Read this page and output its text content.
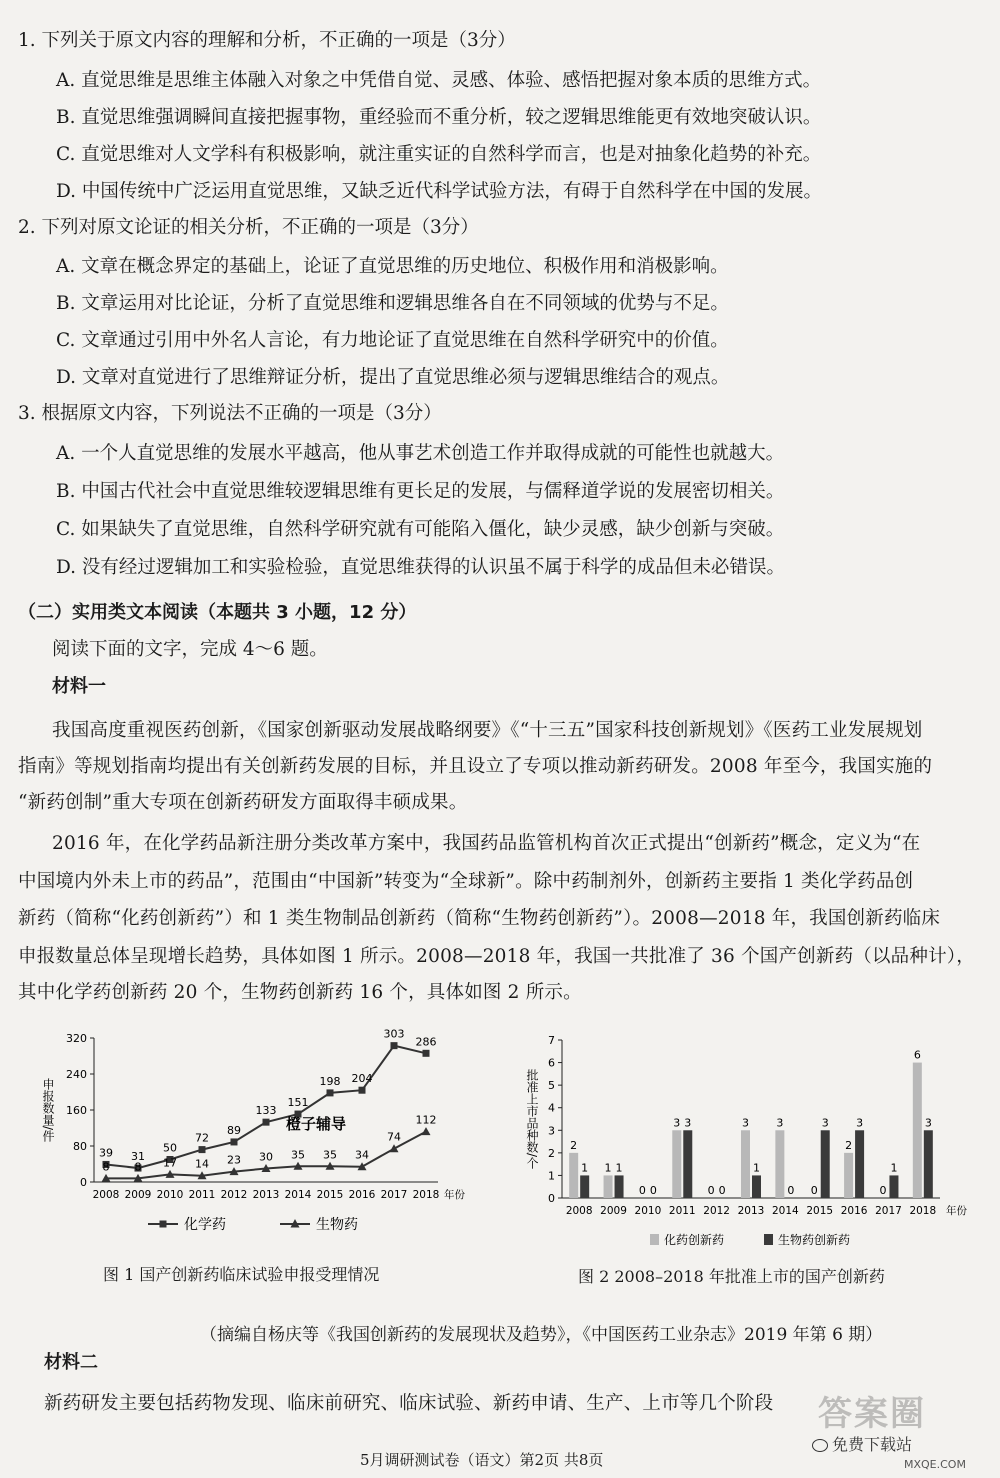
1. 下列关于原文内容的理解和分析，不正确的一项是（3分）
A. 直觉思维是思维主体融入对象之中凭借自觉、灵感、体验、感悟把握对象本质的思维方式。
B. 直觉思维强调瞬间直接把握事物，重经验而不重分析，较之逻辑思维能更有效地突破认识。
C. 直觉思维对人文学科有积极影响，就注重实证的自然科学而言，也是对抽象化趋势的补充。
D. 中国传统中广泛运用直觉思维，又缺乏近代科学试验方法，有碍于自然科学在中国的发展。
2. 下列对原文论证的相关分析，不正确的一项是（3分）
A. 文章在概念界定的基础上，论证了直觉思维的历史地位、积极作用和消极影响。
B. 文章运用对比论证，分析了直觉思维和逻辑思维各自在不同领域的优势与不足。
C. 文章通过引用中外名人言论，有力地论证了直觉思维在自然科学研究中的价值。
D. 文章对直觉进行了思维辩证分析，提出了直觉思维必须与逻辑思维结合的观点。
3. 根据原文内容，下列说法不正确的一项是（3分）
A. 一个人直觉思维的发展水平越高，他从事艺术创造工作并取得成就的可能性也就越大。
B. 中国古代社会中直觉思维较逻辑思维有更长足的发展，与儒释道学说的发展密切相关。
C. 如果缺失了直觉思维，自然科学研究就有可能陷入僵化，缺少灵感，缺少创新与突破。
D. 没有经过逻辑加工和实验检验，直觉思维获得的认识虽不属于科学的成品但未必错误。
（二）实用类文本阅读（本题共 3 小题，12 分）
阅读下面的文字，完成 4～6 题。
材料一
我国高度重视医药创新，《国家创新驱动发展战略纲要》《“十三五”国家科技创新规划》《医药工业发展规划
指南》等规划指南均提出有关创新药发展的目标，并且设立了专项以推动新药研发。2008 年至今，我国实施的
“新药创制”重大专项在创新药研发方面取得丰硕成果。
2016 年，在化学药品新注册分类改革方案中，我国药品监管机构首次正式提出“创新药”概念，定义为“在
中国境内外未上市的药品”，范围由“中国新”转变为“全球新”。除中药制剂外，创新药主要指 1 类化学药品创
新药（简称“化药创新药”）和 1 类生物制品创新药（简称“生物药创新药”）。2008—2018 年，我国创新药临床
申报数量总体呈现增长趋势，具体如图 1 所示。2008—2018 年，我国一共批准了 36 个国产创新药（以品种计），
其中化学药创新药 20 个，生物药创新药 16 个，具体如图 2 所示。
0
80
160
240
320
2008 2009 2010 2011 2012 2013 2014 2015 2016 2017 2018 年份
申报数量/件
39 31
50
72
89
133
151
198 204
303
286
8 8 17 14 23 30 35 35 34
74
112
橙子辅导
化学药	生物药
图 1 国产创新药临床试验申报受理情况
0
1
2
3
4
5
6
7
批准上市品种数/个
2008
2
1
2009
1 1
2010
0 0
2011
3 3
2012
0 0
2013
3
1
2014
3
0
2015
0
3
2016
2
3
2017
0
1
2018
6
3
年份
化药创新药	生物药创新药
图 2 2008–2018 年批准上市的国产创新药
（摘编自杨庆等《我国创新药的发展现状及趋势》，《中国医药工业杂志》2019 年第 6 期）
材料二
新药研发主要包括药物发现、临床前研究、临床试验、新药申请、生产、上市等几个阶段
5月调研测试卷（语文）第2页 共8页
答案圈
免费下载站
MXQE.COM
